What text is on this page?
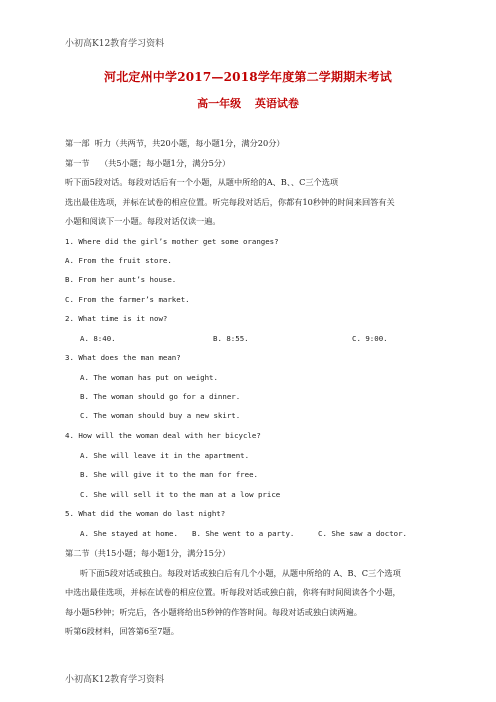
小初高K12教育学习资料
河北定州中学2017—2018学年度第二学期期末考试
高一年级 英语试卷
第一部  听力（共两节，共20小题，每小题1分，满分20分）
第一节    （共5小题；每小题1分，满分5分）
听下面5段对话。每段对话后有一个小题，从题中所给的A、B、、C三个选项
选出最佳选项，并标在试卷的相应位置。听完每段对话后，你都有10秒钟的时间来回答有关
小题和阅读下一小题。每段对话仅读一遍。
1. Where did the girl’s mother get some oranges?
A. From the fruit store.
B. From her aunt’s house.
C. From the farmer’s market.
2. What time is it now?
A. 8:40.	B. 8:55.	C. 9:00.
3. What does the man mean?
A. The woman has put on weight.
B. The woman should go for a dinner.
C. The woman should buy a new skirt.
4. How will the woman deal with her bicycle?
A. She will leave it in the apartment.
B. She will give it to the man for free.
C. She will sell it to the man at a low price
5. What did the woman do last night?
A. She stayed at home. B. She went to a party.	C. She saw a doctor.
第二节（共15小题；每小题1分，满分15分）
听下面5段对话或独白。每段对话或独白后有几个小题，从题中所给的 A、B、C三个选项
中选出最佳选项，并标在试卷的相应位置。听每段对话或独白前，你将有时间阅读各个小题，
每小题5秒钟；听完后，各小题将给出5秒钟的作答时间。每段对话或独白读两遍。
听第6段材料，回答第6至7题。
小初高K12教育学习资料
